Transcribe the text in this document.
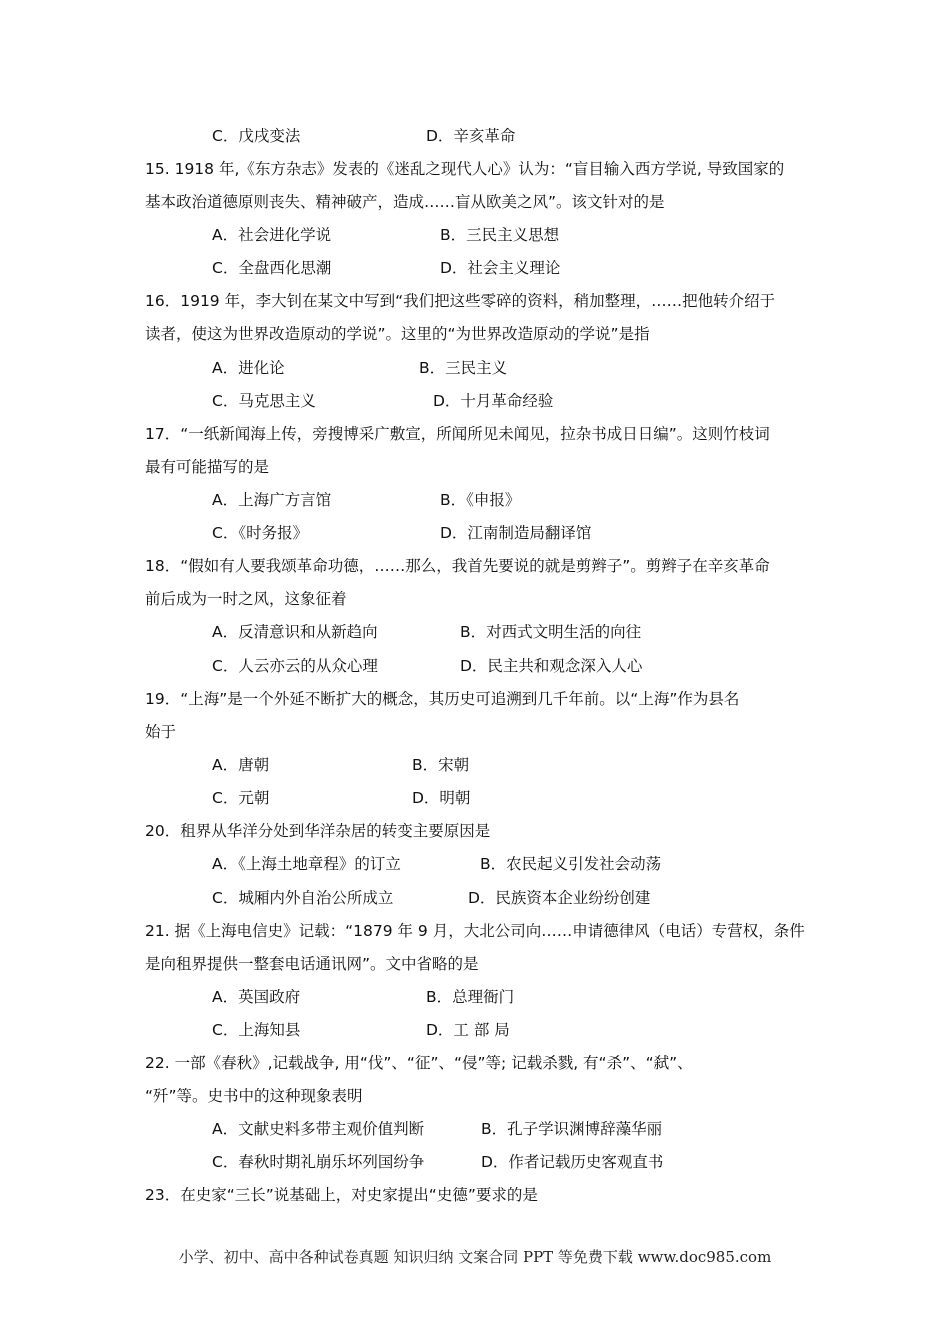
C．戊戌变法	D．辛亥革命
15. 1918 年,《东方杂志》发表的《迷乱之现代人心》认为：“盲目输入西方学说, 导致国家的
基本政治道德原则丧失、精神破产，造成……盲从欧美之风”。该文针对的是
A．社会进化学说	B．三民主义思想
C．全盘西化思潮	D．社会主义理论
16．1919 年，李大钊在某文中写到“我们把这些零碎的资料，稍加整理，……把他转介绍于
读者，使这为世界改造原动的学说”。这里的“为世界改造原动的学说”是指
A．进化论	B．三民主义
C．马克思主义	D．十月革命经验
17．“一纸新闻海上传，旁搜博采广敷宣，所闻所见未闻见，拉杂书成日日编”。这则竹枝词
最有可能描写的是
A．上海广方言馆	B．《申报》
C．《时务报》	D．江南制造局翻译馆
18．“假如有人要我颂革命功德，……那么，我首先要说的就是剪辫子”。剪辫子在辛亥革命
前后成为一时之风，这象征着
A．反清意识和从新趋向	B．对西式文明生活的向往
C．人云亦云的从众心理	D．民主共和观念深入人心
19．“上海”是一个外延不断扩大的概念，其历史可追溯到几千年前。以“上海”作为县名
始于
A．唐朝	B．宋朝
C．元朝	D．明朝
20．租界从华洋分处到华洋杂居的转变主要原因是
A．《上海土地章程》的订立	B．农民起义引发社会动荡
C．城厢内外自治公所成立	D．民族资本企业纷纷创建
21. 据《上海电信史》记载：“1879 年 9 月，大北公司向……申请德律风（电话）专营权，条件
是向租界提供一整套电话通讯网”。文中省略的是
A．英国政府	B．总理衙门
C．上海知县	D．工 部 局
22. 一部《春秋》,记载战争, 用“伐”、“征”、“侵”等; 记载杀戮, 有“杀”、“弑”、
“歼”等。史书中的这种现象表明
A．文献史料多带主观价值判断	B．孔子学识渊博辞藻华丽
C．春秋时期礼崩乐坏列国纷争	D．作者记载历史客观直书
23．在史家“三长”说基础上，对史家提出“史德”要求的是
小学、初中、高中各种试卷真题 知识归纳 文案合同 PPT 等免费下载 www.doc985.com
